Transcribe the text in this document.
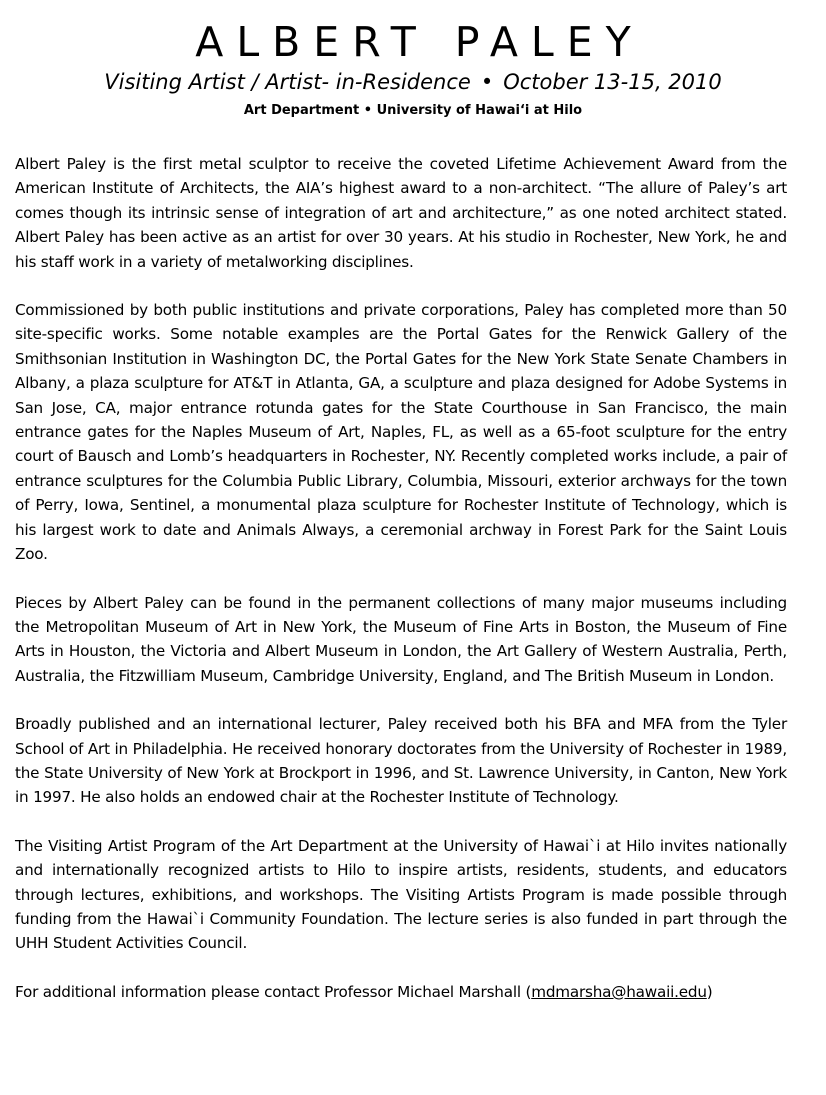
ALBERT PALEY
Visiting Artist / Artist- in-Residence • October 13-15, 2010
Art Department • University of Hawai‘i at Hilo

Albert Paley is the first metal sculptor to receive the coveted Lifetime Achievement Award from the American Institute of Architects, the AIA’s highest award to a non-architect. “The allure of Paley’s art comes though its intrinsic sense of integration of art and architecture,” as one noted architect stated. Albert Paley has been active as an artist for over 30 years. At his studio in Rochester, New York, he and his staff work in a variety of metalworking disciplines.

Commissioned by both public institutions and private corporations, Paley has completed more than 50 site-specific works. Some notable examples are the Portal Gates for the Renwick Gallery of the Smithsonian Institution in Washington DC, the Portal Gates for the New York State Senate Chambers in Albany, a plaza sculpture for AT&T in Atlanta, GA, a sculpture and plaza designed for Adobe Systems in San Jose, CA, major entrance rotunda gates for the State Courthouse in San Francisco, the main entrance gates for the Naples Museum of Art, Naples, FL, as well as a 65-foot sculpture for the entry court of Bausch and Lomb’s headquarters in Rochester, NY. Recently completed works include, a pair of entrance sculptures for the Columbia Public Library, Columbia, Missouri, exterior archways for the town of Perry, Iowa, Sentinel, a monumental plaza sculpture for Rochester Institute of Technology, which is his largest work to date and Animals Always, a ceremonial archway in Forest Park for the Saint Louis Zoo.

Pieces by Albert Paley can be found in the permanent collections of many major museums including the Metropolitan Museum of Art in New York, the Museum of Fine Arts in Boston, the Museum of Fine Arts in Houston, the Victoria and Albert Museum in London, the Art Gallery of Western Australia, Perth, Australia, the Fitzwilliam Museum, Cambridge University, England, and The British Museum in London.

Broadly published and an international lecturer, Paley received both his BFA and MFA from the Tyler School of Art in Philadelphia. He received honorary doctorates from the University of Rochester in 1989, the State University of New York at Brockport in 1996, and St. Lawrence University, in Canton, New York in 1997. He also holds an endowed chair at the Rochester Institute of Technology.

The Visiting Artist Program of the Art Department at the University of Hawai`i at Hilo invites nationally and internationally recognized artists to Hilo to inspire artists, residents, students, and educators through lectures, exhibitions, and workshops. The Visiting Artists Program is made possible through funding from the Hawai`i Community Foundation. The lecture series is also funded in part through the UHH Student Activities Council.

For additional information please contact Professor Michael Marshall (mdmarsha@hawaii.edu)
